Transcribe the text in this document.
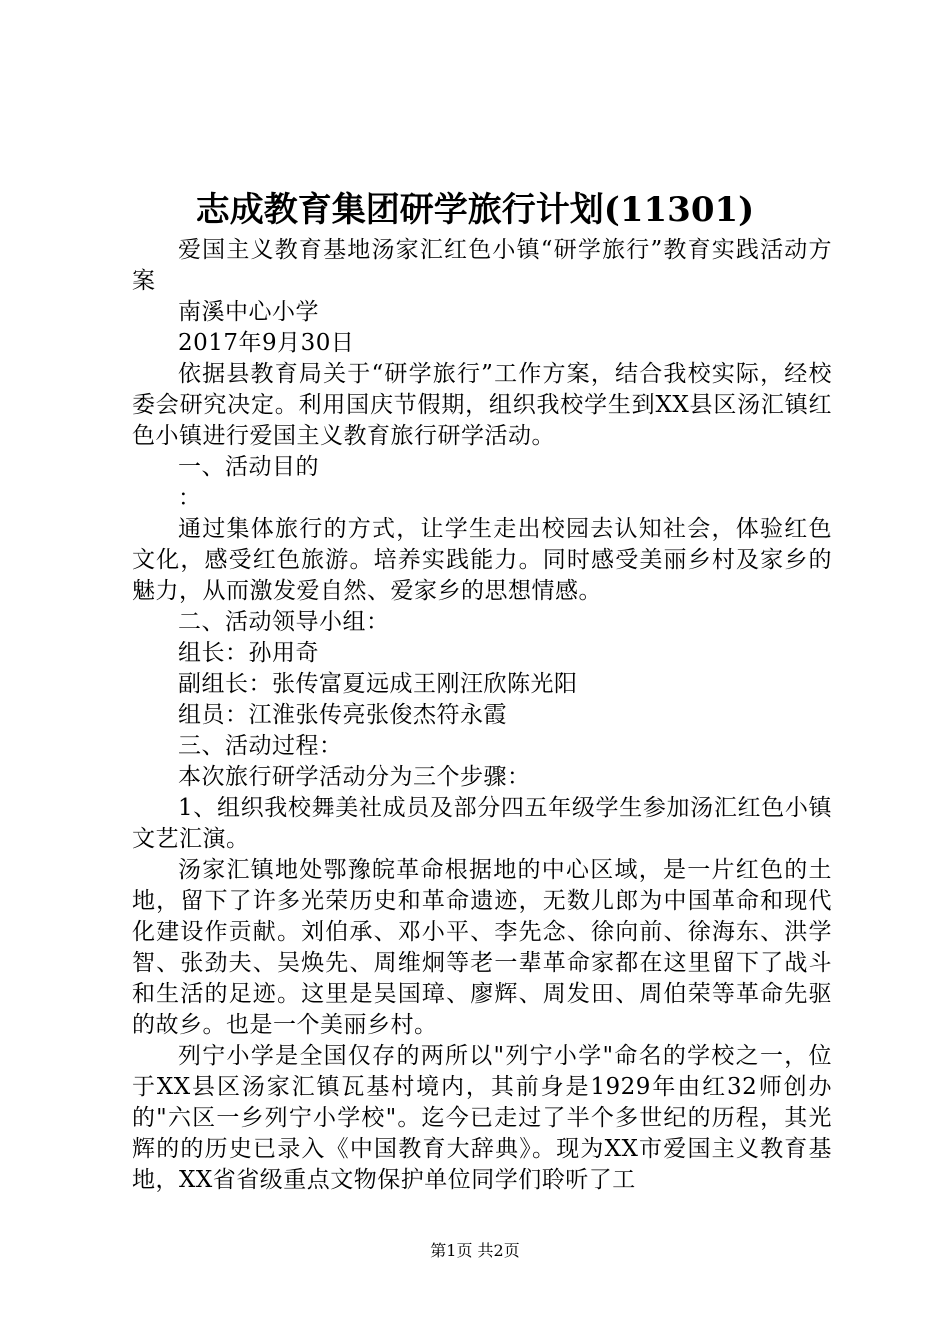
志成教育集团研学旅行计划(11301)

爱国主义教育基地汤家汇红色小镇“研学旅行”教育实践活动方案

南溪中心小学

2017年9月30日

依据县教育局关于“研学旅行”工作方案，结合我校实际，经校委会研究决定。利用国庆节假期，组织我校学生到XX县区汤汇镇红色小镇进行爱国主义教育旅行研学活动。

一、活动目的

：

通过集体旅行的方式，让学生走出校园去认知社会，体验红色文化，感受红色旅游。培养实践能力。同时感受美丽乡村及家乡的魅力，从而激发爱自然、爱家乡的思想情感。

二、活动领导小组：

组长：孙用奇

副组长：张传富夏远成王刚汪欣陈光阳

组员：江淮张传亮张俊杰符永霞

三、活动过程：

本次旅行研学活动分为三个步骤：

1、组织我校舞美社成员及部分四五年级学生参加汤汇红色小镇文艺汇演。

汤家汇镇地处鄂豫皖革命根据地的中心区域，是一片红色的土地，留下了许多光荣历史和革命遗迹，无数儿郎为中国革命和现代化建设作贡献。刘伯承、邓小平、李先念、徐向前、徐海东、洪学智、张劲夫、吴焕先、周维炯等老一辈革命家都在这里留下了战斗和生活的足迹。这里是吴国璋、廖辉、周发田、周伯荣等革命先驱的故乡。也是一个美丽乡村。

列宁小学是全国仅存的两所以"列宁小学"命名的学校之一，位于XX县区汤家汇镇瓦基村境内，其前身是1929年由红32师创办的"六区一乡列宁小学校"。迄今已走过了半个多世纪的历程，其光辉的的历史已录入《中国教育大辞典》。现为XX市爱国主义教育基地，XX省省级重点文物保护单位同学们聆听了工

第1页 共2页
